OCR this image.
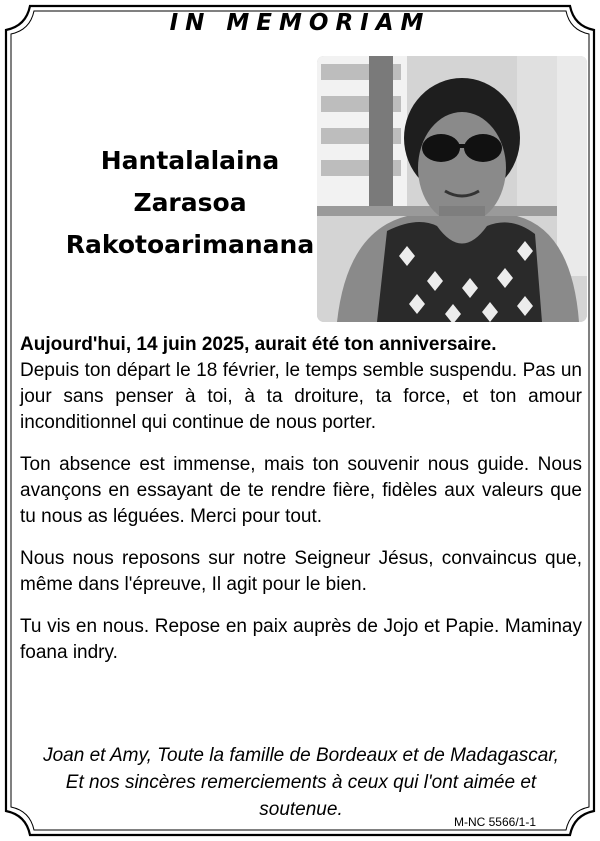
IN MEMORIAM
Hantalalaina
Zarasoa
Rakotoarimanana

Aujourd'hui, 14 juin 2025, aurait été ton anniversaire.
Depuis ton départ le 18 février, le temps semble suspendu. Pas un jour sans penser à toi, à ta droiture, ta force, et ton amour inconditionnel qui continue de nous porter.

Ton absence est immense, mais ton souvenir nous guide. Nous avançons en essayant de te rendre fière, fidèles aux valeurs que tu nous as léguées. Merci pour tout.

Nous nous reposons sur notre Seigneur Jésus, convaincus que, même dans l'épreuve, Il agit pour le bien.

Tu vis en nous. Repose en paix auprès de Jojo et Papie. Maminay foana indry.

Joan et Amy, Toute la famille de Bordeaux et de Madagascar,
Et nos sincères remerciements à ceux qui l'ont aimée et
soutenue.
M-NC 5566/1-1
